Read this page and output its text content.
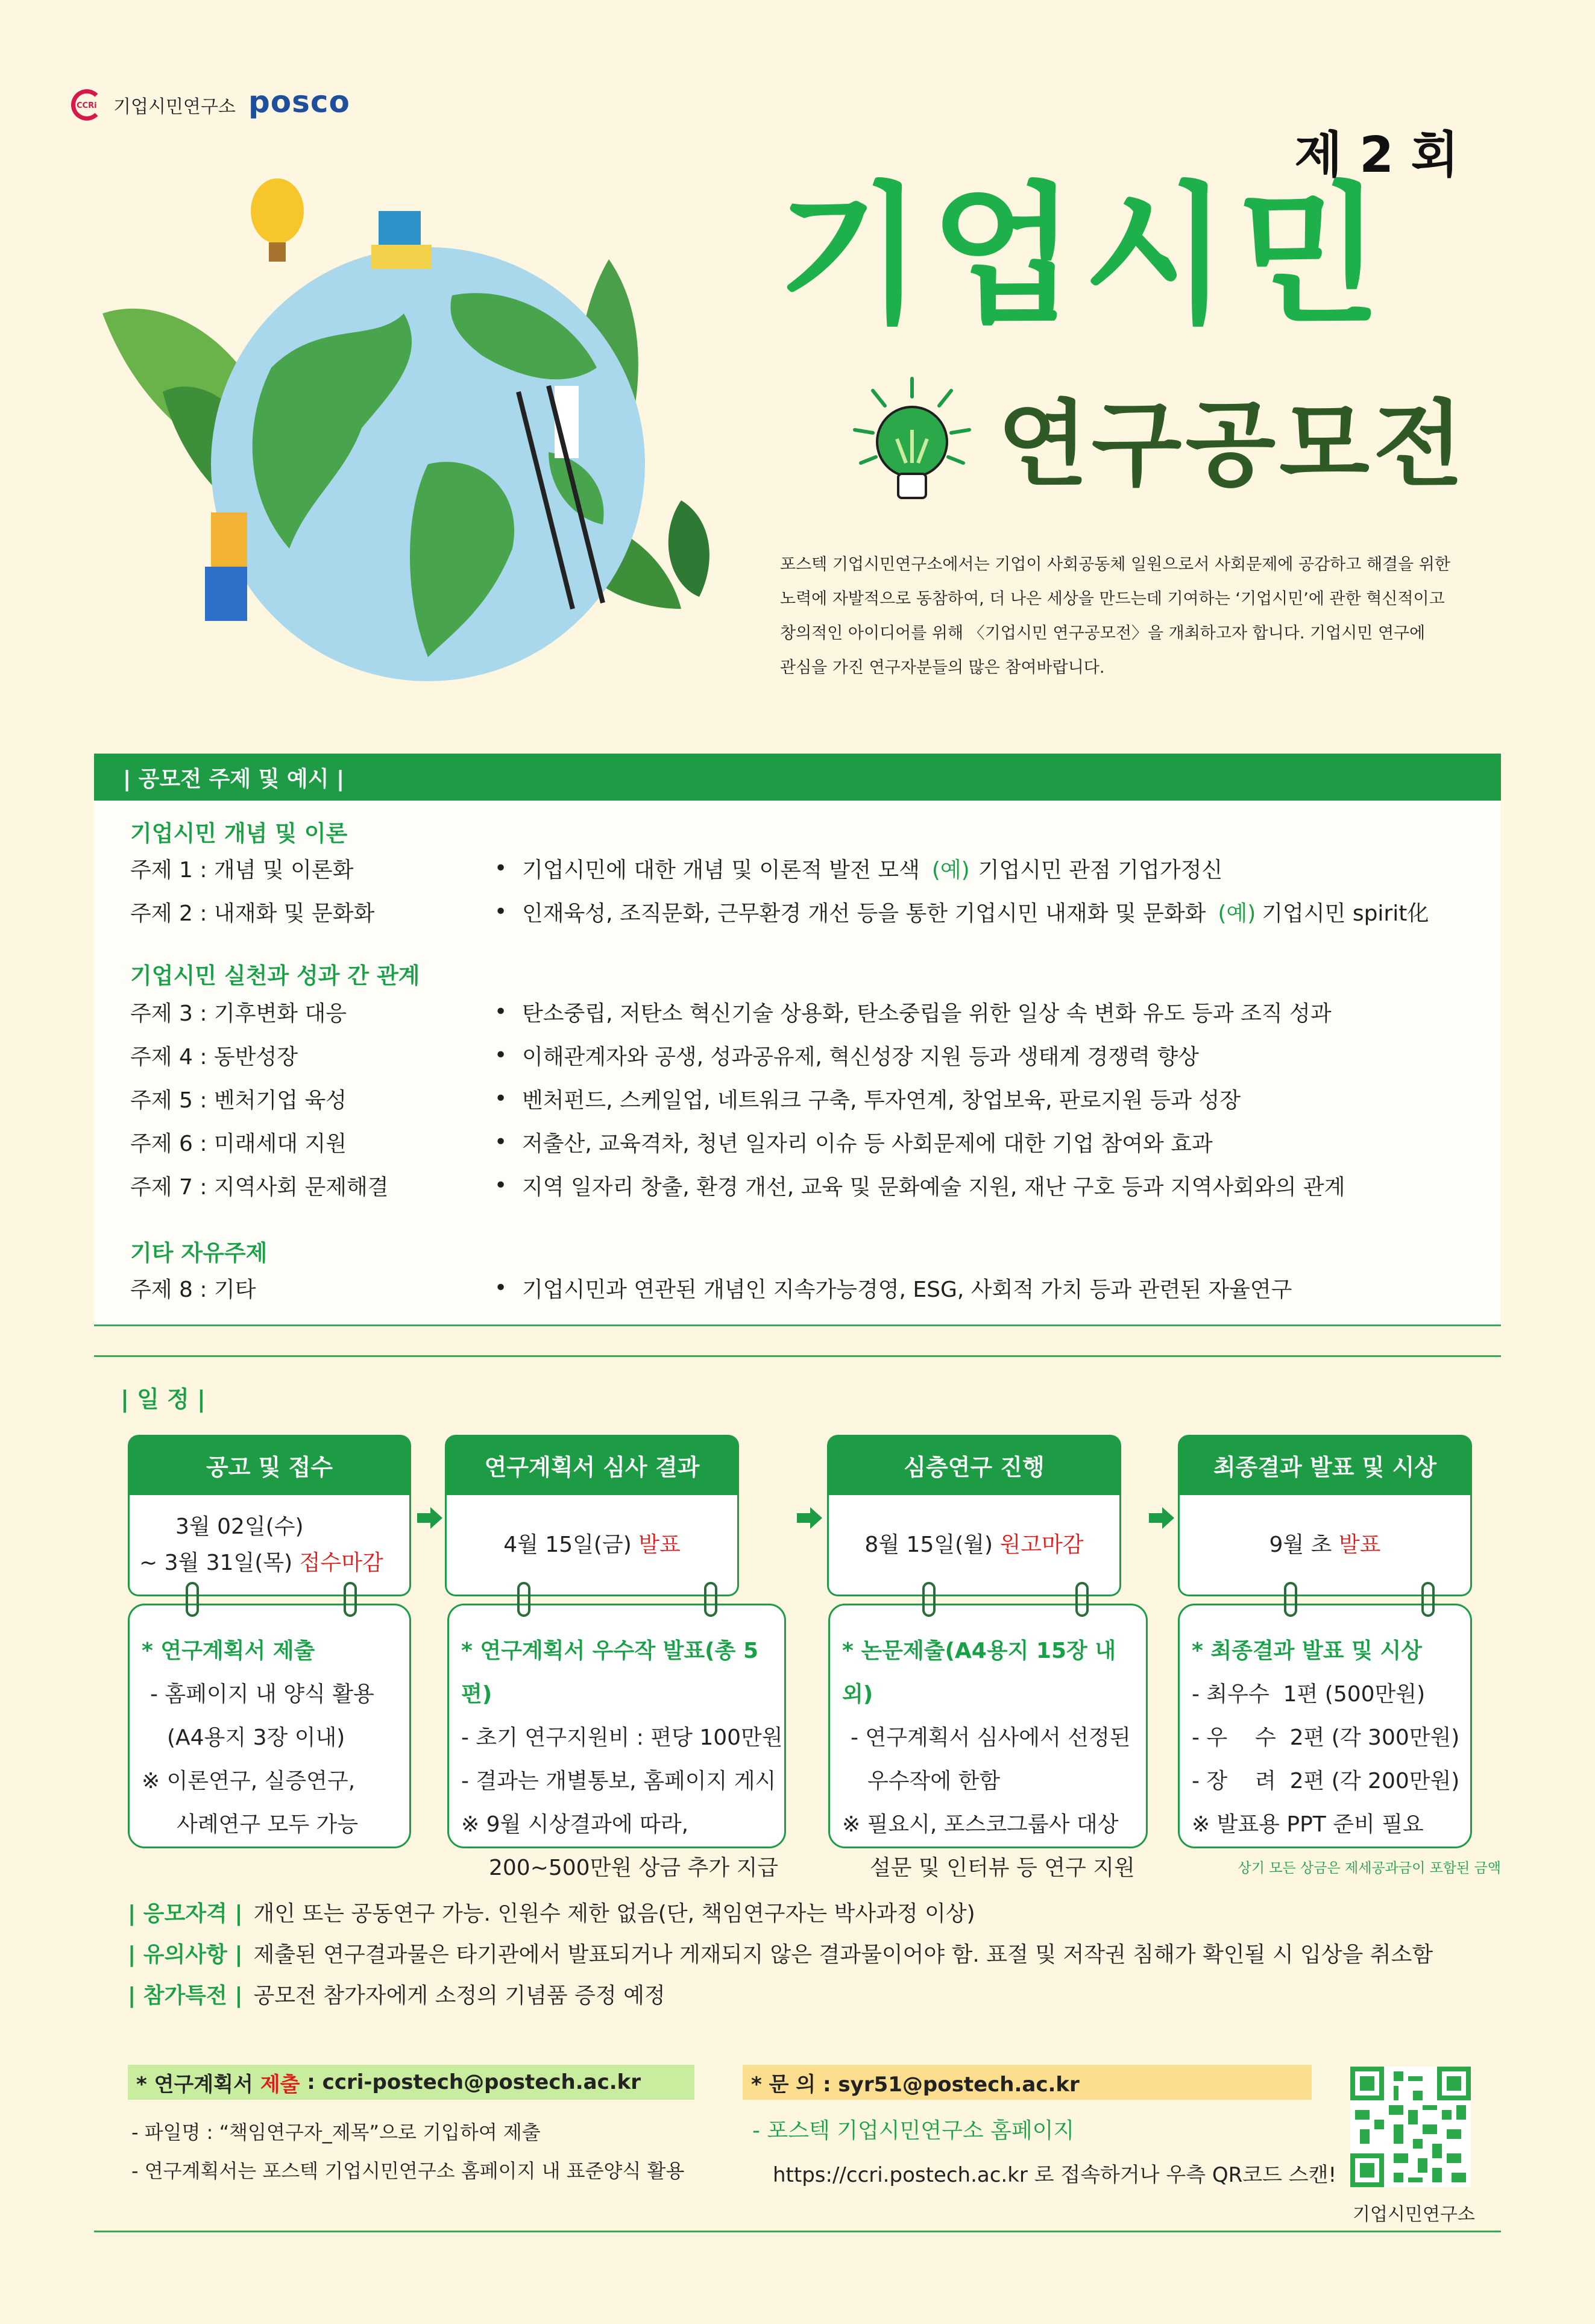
CCRi 기업시민연구소 posco
제 2 회
기업시민
연구공모전
포스텍 기업시민연구소에서는 기업이 사회공동체 일원으로서 사회문제에 공감하고 해결을 위한
노력에 자발적으로 동참하여, 더 나은 세상을 만드는데 기여하는 ‘기업시민’에 관한 혁신적이고
창의적인 아이디어를 위해 〈기업시민 연구공모전〉을 개최하고자 합니다. 기업시민 연구에
관심을 가진 연구자분들의 많은 참여바랍니다.
| 공모전 주제 및 예시 |
기업시민 개념 및 이론
주제 1 : 개념 및 이론화	• 기업시민에 대한 개념 및 이론적 발전 모색 (예) 기업시민 관점 기업가정신
주제 2 : 내재화 및 문화화	• 인재육성, 조직문화, 근무환경 개선 등을 통한 기업시민 내재화 및 문화화 (예) 기업시민 spirit化
기업시민 실천과 성과 간 관계
주제 3 : 기후변화 대응	• 탄소중립, 저탄소 혁신기술 상용화, 탄소중립을 위한 일상 속 변화 유도 등과 조직 성과
주제 4 : 동반성장	• 이해관계자와 공생, 성과공유제, 혁신성장 지원 등과 생태계 경쟁력 향상
주제 5 : 벤처기업 육성	• 벤처펀드, 스케일업, 네트워크 구축, 투자연계, 창업보육, 판로지원 등과 성장
주제 6 : 미래세대 지원	• 저출산, 교육격차, 청년 일자리 이슈 등 사회문제에 대한 기업 참여와 효과
주제 7 : 지역사회 문제해결	• 지역 일자리 창출, 환경 개선, 교육 및 문화예술 지원, 재난 구호 등과 지역사회와의 관계
기타 자유주제
주제 8 : 기타	• 기업시민과 연관된 개념인 지속가능경영, ESG, 사회적 가치 등과 관련된 자율연구
| 일 정 |
공고 및 접수
3월 02일(수)
~ 3월 31일(목) 접수마감
연구계획서 심사 결과
4월 15일(금) 발표
심층연구 진행
8월 15일(월) 원고마감
최종결과 발표 및 시상
9월 초 발표
* 연구계획서 제출
- 홈페이지 내 양식 활용
(A4용지 3장 이내)
※ 이론연구, 실증연구,
사례연구 모두 가능
* 연구계획서 우수작 발표(총 5편)
- 초기 연구지원비 : 편당 100만원
- 결과는 개별통보, 홈페이지 게시
※ 9월 시상결과에 따라,
200~500만원 상금 추가 지급
* 논문제출(A4용지 15장 내외)
- 연구계획서 심사에서 선정된
우수작에 한함
※ 필요시, 포스코그룹사 대상
설문 및 인터뷰 등 연구 지원
* 최종결과 발표 및 시상
- 최우수  1편 (500만원)
- 우    수  2편 (각 300만원)
- 장    려  2편 (각 200만원)
※ 발표용 PPT 준비 필요
상기 모든 상금은 제세공과금이 포함된 금액
| 응모자격 | 개인 또는 공동연구 가능. 인원수 제한 없음(단, 책임연구자는 박사과정 이상)
| 유의사항 | 제출된 연구결과물은 타기관에서 발표되거나 게재되지 않은 결과물이어야 함. 표절 및 저작권 침해가 확인될 시 입상을 취소함
| 참가특전 | 공모전 참가자에게 소정의 기념품 증정 예정
* 연구계획서 제출 : ccri-postech@postech.ac.kr
- 파일명 : “책임연구자_제목”으로 기입하여 제출
- 연구계획서는 포스텍 기업시민연구소 홈페이지 내 표준양식 활용
* 문 의 : syr51@postech.ac.kr
- 포스텍 기업시민연구소 홈페이지
https://ccri.postech.ac.kr 로 접속하거나 우측 QR코드 스캔!
기업시민연구소
